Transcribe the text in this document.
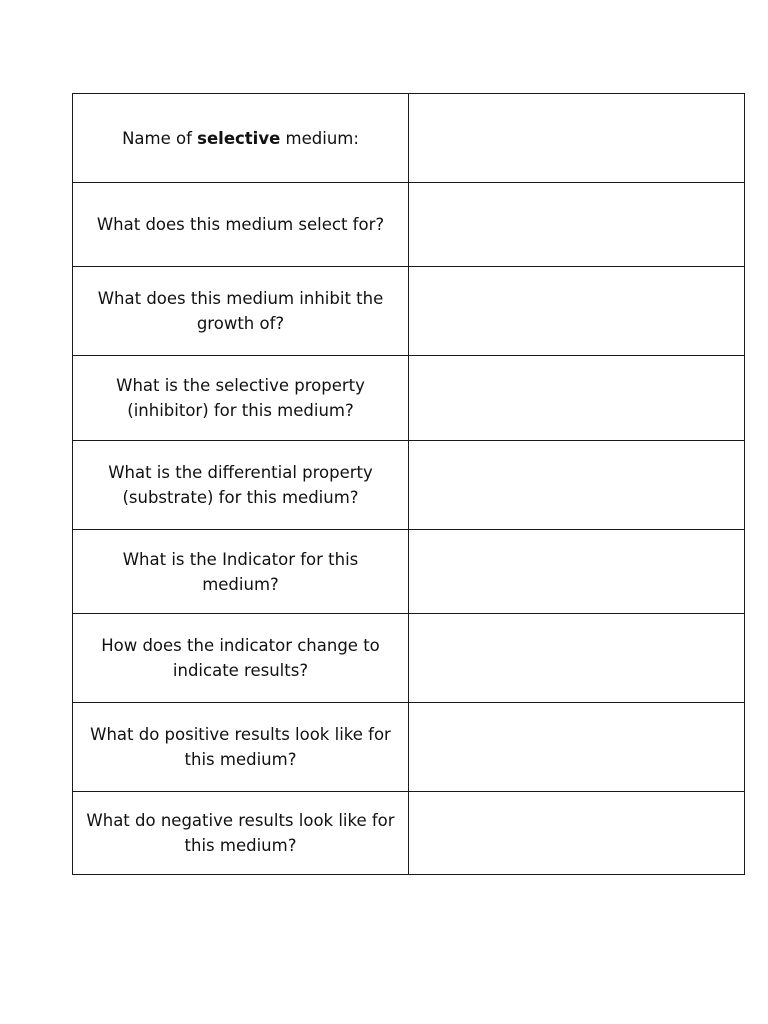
Name of selective medium:	
What does this medium select for?	
What does this medium inhibit the growth of?	
What is the selective property (inhibitor) for this medium?	
What is the differential property (substrate) for this medium?	
What is the Indicator for this medium?	
How does the indicator change to indicate results?	
What do positive results look like for this medium?	
What do negative results look like for this medium?	
